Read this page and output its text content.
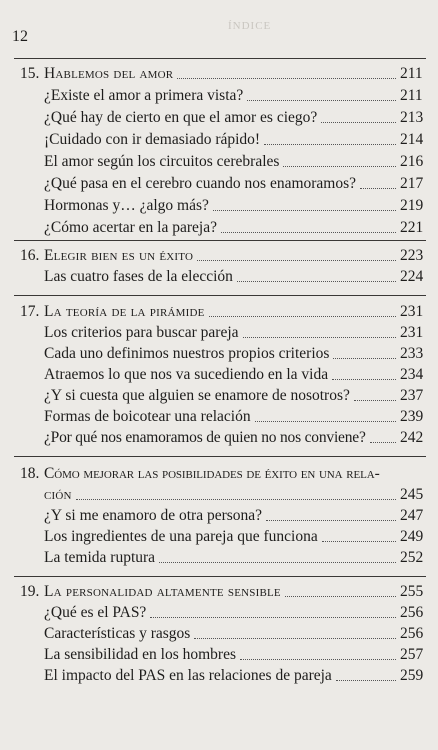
12
ÍNDICE
15. Hablemos del amor	211
¿Existe el amor a primera vista?	211
¿Qué hay de cierto en que el amor es ciego?	213
¡Cuidado con ir demasiado rápido!	214
El amor según los circuitos cerebrales	216
¿Qué pasa en el cerebro cuando nos enamoramos?	217
Hormonas y… ¿algo más?	219
¿Cómo acertar en la pareja?	221
16. Elegir bien es un éxito	223
Las cuatro fases de la elección	224
17. La teoría de la pirámide	231
Los criterios para buscar pareja	231
Cada uno definimos nuestros propios criterios	233
Atraemos lo que nos va sucediendo en la vida	234
¿Y si cuesta que alguien se enamore de nosotros?	237
Formas de boicotear una relación	239
¿Por qué nos enamoramos de quien no nos conviene? 242
18. Cómo mejorar las posibilidades de éxito en una rela-
ción	245
¿Y si me enamoro de otra persona?	247
Los ingredientes de una pareja que funciona	249
La temida ruptura	252
19. La personalidad altamente sensible	255
¿Qué es el PAS?	256
Características y rasgos	256
La sensibilidad en los hombres	257
El impacto del PAS en las relaciones de pareja	259
